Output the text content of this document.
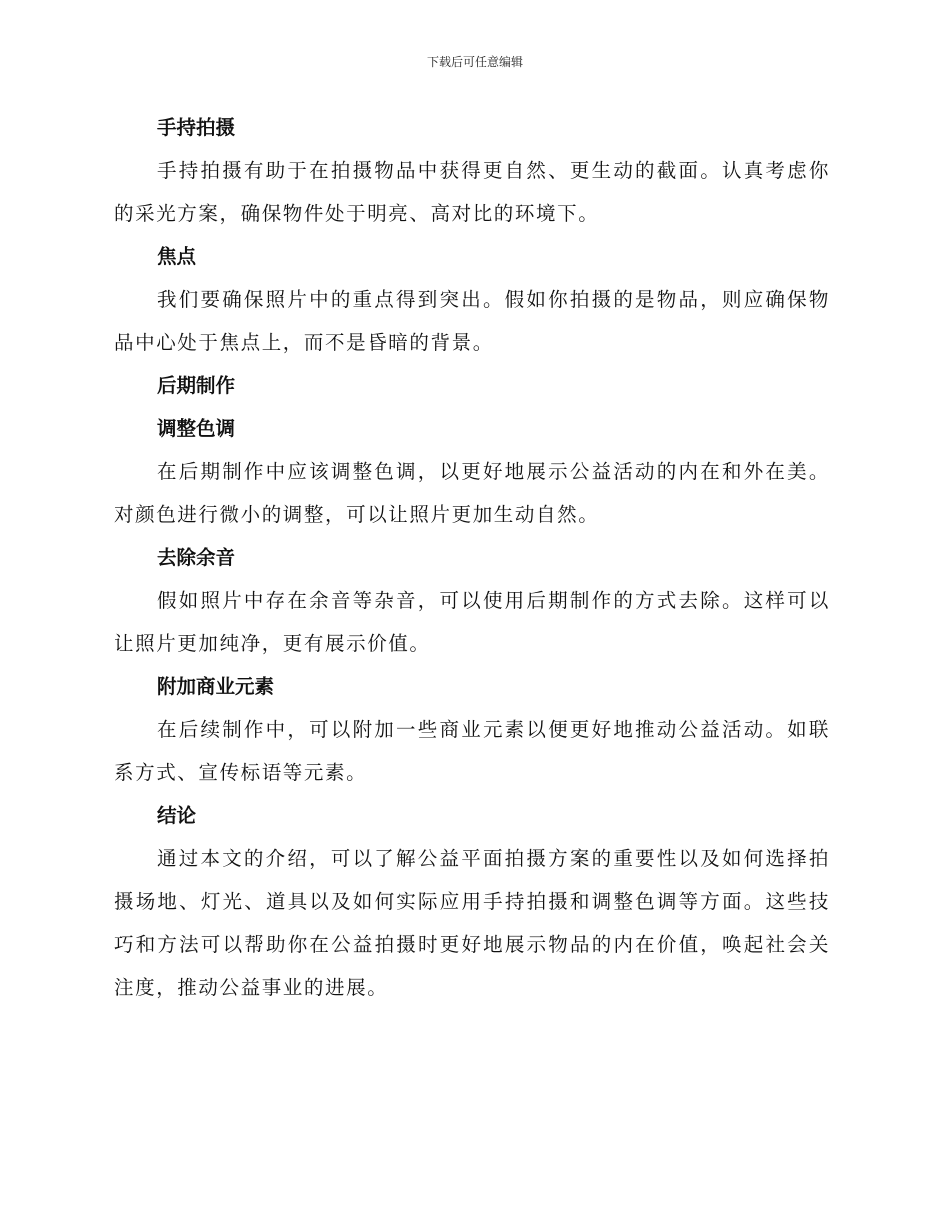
下载后可任意编辑
手持拍摄

手持拍摄有助于在拍摄物品中获得更自然、更生动的截面。认真考虑你的采光方案，确保物件处于明亮、高对比的环境下。

焦点

我们要确保照片中的重点得到突出。假如你拍摄的是物品，则应确保物品中心处于焦点上，而不是昏暗的背景。

后期制作
调整色调

在后期制作中应该调整色调，以更好地展示公益活动的内在和外在美。对颜色进行微小的调整，可以让照片更加生动自然。

去除余音

假如照片中存在余音等杂音，可以使用后期制作的方式去除。这样可以让照片更加纯净，更有展示价值。

附加商业元素

在后续制作中，可以附加一些商业元素以便更好地推动公益活动。如联系方式、宣传标语等元素。

结论

通过本文的介绍，可以了解公益平面拍摄方案的重要性以及如何选择拍摄场地、灯光、道具以及如何实际应用手持拍摄和调整色调等方面。这些技巧和方法可以帮助你在公益拍摄时更好地展示物品的内在价值，唤起社会关注度，推动公益事业的进展。
